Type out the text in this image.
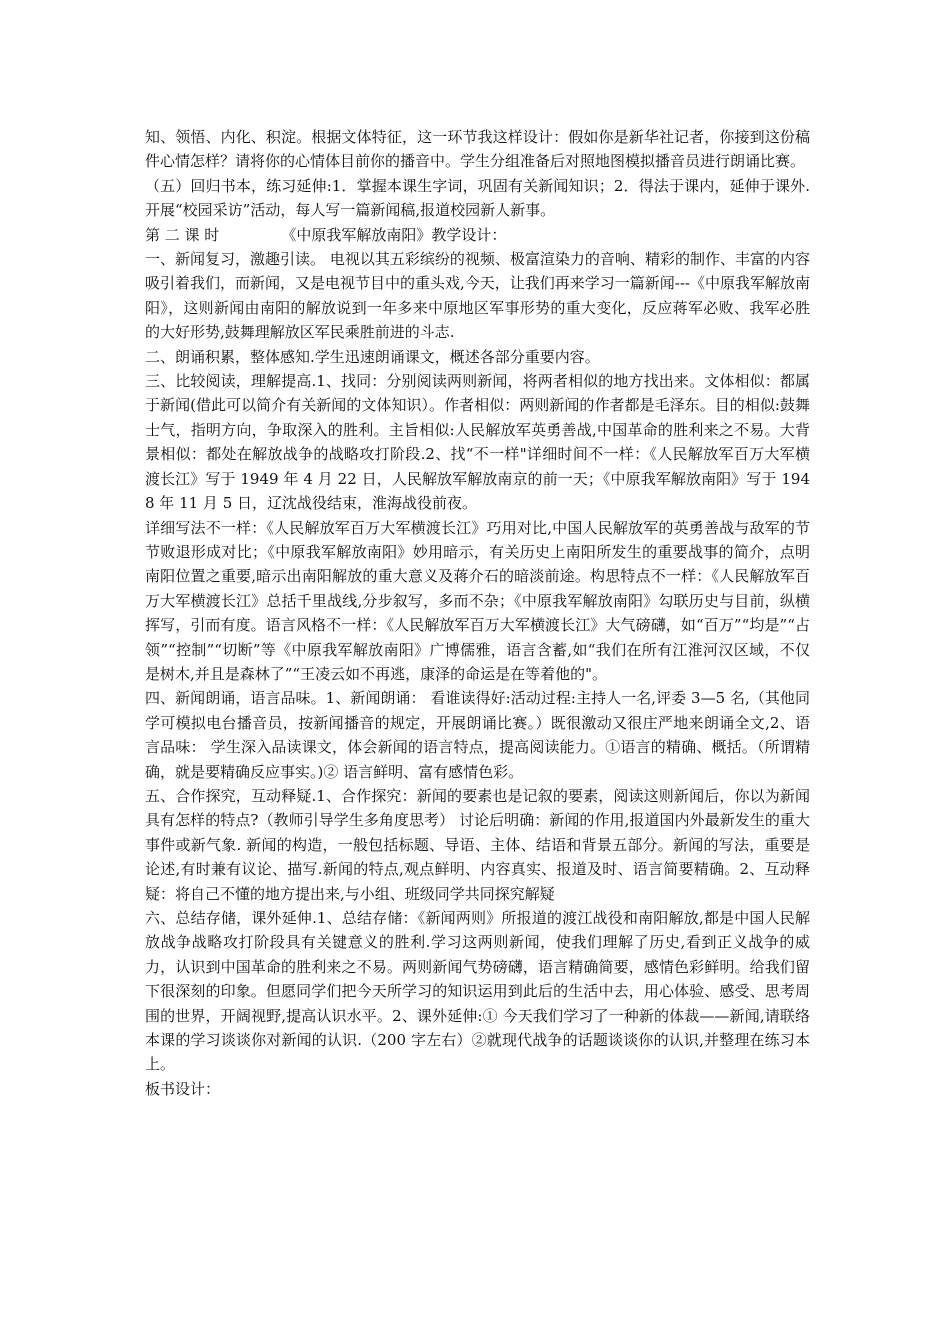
知、领悟、内化、积淀。根据文体特征，这一环节我这样设计：假如你是新华社记者，你接到这份稿件心情怎样？请将你的心情体目前你的播音中。学生分组准备后对照地图模拟播音员进行朗诵比赛。

（五）回归书本，练习延伸:1．掌握本课生字词，巩固有关新闻知识；2．得法于课内，延伸于课外.开展“校园采访”活动，每人写一篇新闻稿,报道校园新人新事。

第 二 课 时	《中原我军解放南阳》教学设计：

一、新闻复习，激趣引读。 电视以其五彩缤纷的视频、极富渲染力的音响、精彩的制作、丰富的内容吸引着我们，而新闻，又是电视节目中的重头戏,今天，让我们再来学习一篇新闻---《中原我军解放南阳》，这则新闻由南阳的解放说到一年多来中原地区军事形势的重大变化，反应蒋军必败、我军必胜的大好形势,鼓舞理解放区军民乘胜前进的斗志.

二、朗诵积累，整体感知.学生迅速朗诵课文，概述各部分重要内容。

三、比较阅读，理解提高.1、找同：分别阅读两则新闻，将两者相似的地方找出来。文体相似：都属于新闻(借此可以简介有关新闻的文体知识）。作者相似：两则新闻的作者都是毛泽东。目的相似:鼓舞士气，指明方向，争取深入的胜利。主旨相似:人民解放军英勇善战,中国革命的胜利来之不易。大背景相似：都处在解放战争的战略攻打阶段.2、找“不一样"详细时间不一样：《人民解放军百万大军横渡长江》写于 1949 年 4 月 22 日，人民解放军解放南京的前一天；《中原我军解放南阳》写于 1948 年 11 月 5 日，辽沈战役结束，淮海战役前夜。

详细写法不一样：《人民解放军百万大军横渡长江》巧用对比,中国人民解放军的英勇善战与敌军的节节败退形成对比；《中原我军解放南阳》妙用暗示，有关历史上南阳所发生的重要战事的简介，点明南阳位置之重要,暗示出南阳解放的重大意义及蒋介石的暗淡前途。构思特点不一样：《人民解放军百万大军横渡长江》总括千里战线,分步叙写，多而不杂；《中原我军解放南阳》勾联历史与目前，纵横挥写，引而有度。语言风格不一样：《人民解放军百万大军横渡长江》大气磅礴，如“百万”“均是”“占领”“控制”“切断”等《中原我军解放南阳》广博儒雅，语言含蓄,如“我们在所有江淮河汉区域，不仅是树木,并且是森林了”“王凌云如不再逃，康泽的命运是在等着他的"。

四、新闻朗诵，语言品味。1、新闻朗诵： 看谁读得好:活动过程:主持人一名,评委 3—5 名,（其他同学可模拟电台播音员，按新闻播音的规定，开展朗诵比赛。）既很激动又很庄严地来朗诵全文,2、语言品味： 学生深入品读课文，体会新闻的语言特点，提高阅读能力。①语言的精确、概括。（所谓精确，就是要精确反应事实。)② 语言鲜明、富有感情色彩。

五、合作探究，互动释疑.1、合作探究：新闻的要素也是记叙的要素，阅读这则新闻后，你以为新闻具有怎样的特点?（教师引导学生多角度思考） 讨论后明确：新闻的作用,报道国内外最新发生的重大事件或新气象. 新闻的构造，一般包括标题、导语、主体、结语和背景五部分。新闻的写法，重要是论述,有时兼有议论、描写.新闻的特点,观点鲜明、内容真实、报道及时、语言简要精确。2、互动释疑：将自己不懂的地方提出来,与小组、班级同学共同探究解疑

六、总结存储，课外延伸.1、总结存储：《新闻两则》所报道的渡江战役和南阳解放,都是中国人民解放战争战略攻打阶段具有关键意义的胜利.学习这两则新闻，使我们理解了历史,看到正义战争的威力，认识到中国革命的胜利来之不易。两则新闻气势磅礴，语言精确简要，感情色彩鲜明。给我们留下很深刻的印象。但愿同学们把今天所学习的知识运用到此后的生活中去，用心体验、感受、思考周围的世界，开阔视野,提高认识水平。2、课外延伸:① 今天我们学习了一种新的体裁——新闻,请联络本课的学习谈谈你对新闻的认识.（200 字左右）②就现代战争的话题谈谈你的认识,并整理在练习本上。

板书设计：
